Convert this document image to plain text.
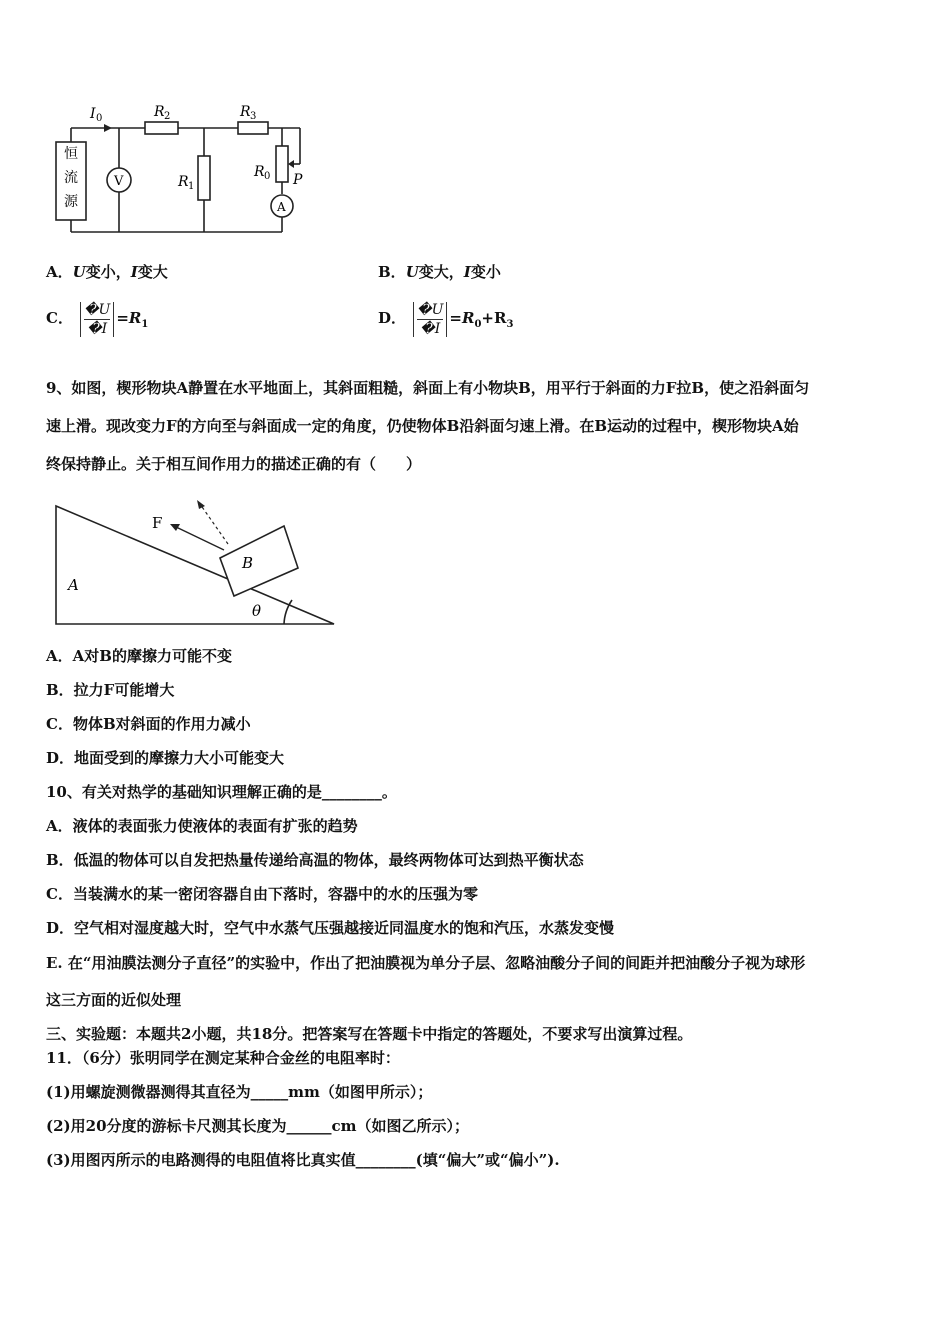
恒
流
源
I 0	R 2	R 3
R 1
R 0 P
V
A
A．U变小，I变大	B．U变大，I变小
C． $\frac{�U}{�I} =R_1$	D． $\frac{�U}{�I} =R_0+R_3$
9、如图，楔形物块A静置在水平地面上，其斜面粗糙，斜面上有小物块B，用平行于斜面的力F拉B，使之沿斜面匀
速上滑。现改变力F的方向至与斜面成一定的角度，仍使物体B沿斜面匀速上滑。在B运动的过程中，楔形物块A始
终保持静止。关于相互间作用力的描述正确的有（　　）
F
B
A
θ
A．A对B的摩擦力可能不变
B．拉力F可能增大
C．物体B对斜面的作用力减小
D．地面受到的摩擦力大小可能变大
10、有关对热学的基础知识理解正确的是________。
A．液体的表面张力使液体的表面有扩张的趋势
B．低温的物体可以自发把热量传递给高温的物体，最终两物体可达到热平衡状态
C．当装满水的某一密闭容器自由下落时，容器中的水的压强为零
D．空气相对湿度越大时，空气中水蒸气压强越接近同温度水的饱和汽压，水蒸发变慢
E. 在“用油膜法测分子直径”的实验中，作出了把油膜视为单分子层、忽略油酸分子间的间距并把油酸分子视为球形
这三方面的近似处理
三、实验题：本题共2小题，共18分。把答案写在答题卡中指定的答题处，不要求写出演算过程。
11．（6分）张明同学在测定某种合金丝的电阻率时：
(1)用螺旋测微器测得其直径为_____mm（如图甲所示）；
(2)用20分度的游标卡尺测其长度为______cm（如图乙所示）；
(3)用图丙所示的电路测得的电阻值将比真实值________(填“偏大”或“偏小”).
